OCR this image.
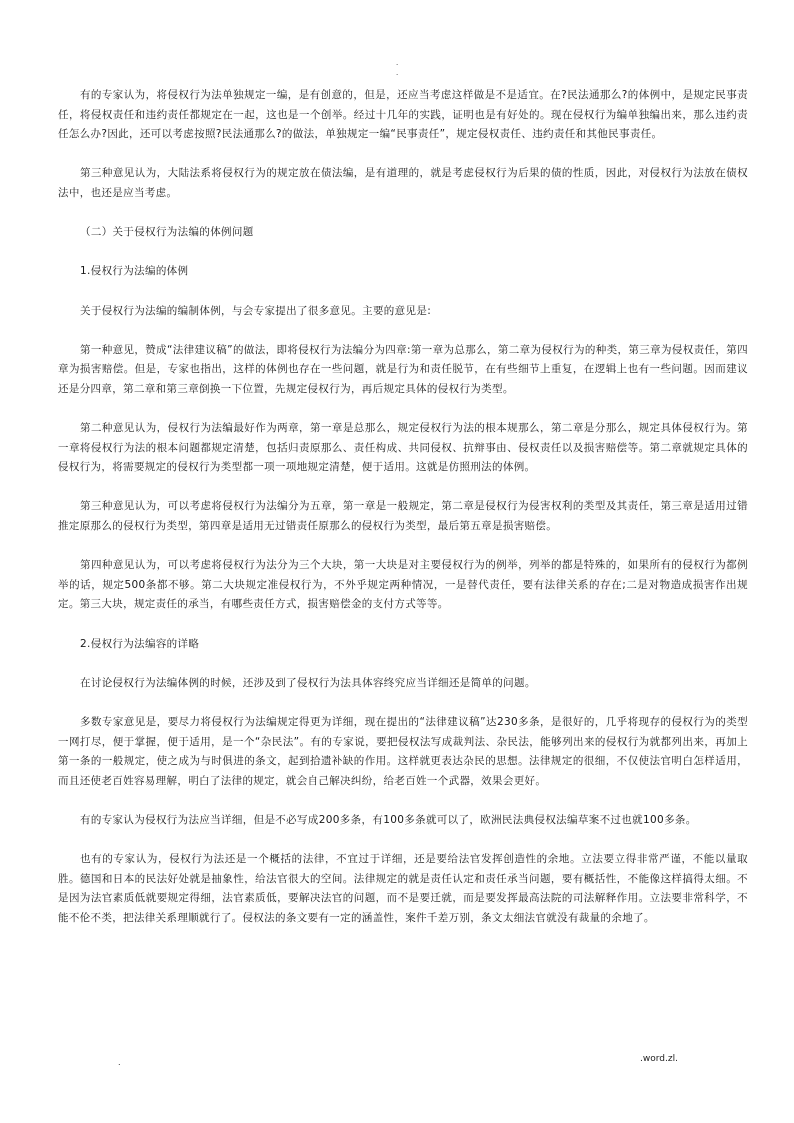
.
.

有的专家认为，将侵权行为法单独规定一编，是有创意的，但是，还应当考虑这样做是不是适宜。在?民法通那么?的体例中，是规定民事责任，将侵权责任和违约责任都规定在一起，这也是一个创举。经过十几年的实践，证明也是有好处的。现在侵权行为编单独编出来，那么违约责任怎么办?因此，还可以考虑按照?民法通那么?的做法，单独规定一编“民事责任”，规定侵权责任、违约责任和其他民事责任。

第三种意见认为，大陆法系将侵权行为的规定放在债法编，是有道理的，就是考虑侵权行为后果的债的性质，因此，对侵权行为法放在债权法中，也还是应当考虑。

（二）关于侵权行为法编的体例问题

1.侵权行为法编的体例

关于侵权行为法编的编制体例，与会专家提出了很多意见。主要的意见是:

第一种意见，赞成“法律建议稿”的做法，即将侵权行为法编分为四章:第一章为总那么，第二章为侵权行为的种类，第三章为侵权责任，第四章为损害赔偿。但是，专家也指出，这样的体例也存在一些问题，就是行为和责任脱节，在有些细节上重复，在逻辑上也有一些问题。因而建议还是分四章，第二章和第三章倒换一下位置，先规定侵权行为，再后规定具体的侵权行为类型。

第二种意见认为，侵权行为法编最好作为两章，第一章是总那么，规定侵权行为法的根本规那么，第二章是分那么，规定具体侵权行为。第一章将侵权行为法的根本问题都规定清楚，包括归责原那么、责任构成、共同侵权、抗辩事由、侵权责任以及损害赔偿等。第二章就规定具体的侵权行为，将需要规定的侵权行为类型都一项一项地规定清楚，便于适用。这就是仿照刑法的体例。

第三种意见认为，可以考虑将侵权行为法编分为五章，第一章是一般规定，第二章是侵权行为侵害权利的类型及其责任，第三章是适用过错推定原那么的侵权行为类型，第四章是适用无过错责任原那么的侵权行为类型，最后第五章是损害赔偿。

第四种意见认为，可以考虑将侵权行为法分为三个大块，第一大块是对主要侵权行为的例举，列举的都是特殊的，如果所有的侵权行为都例举的话，规定500条都不够。第二大块规定准侵权行为，不外乎规定两种情况，一是替代责任，要有法律关系的存在;二是对物造成损害作出规定。第三大块，规定责任的承当，有哪些责任方式，损害赔偿金的支付方式等等。

2.侵权行为法编容的详略

在讨论侵权行为法编体例的时候，还涉及到了侵权行为法具体容终究应当详细还是简单的问题。

多数专家意见是，要尽力将侵权行为法编规定得更为详细，现在提出的“法律建议稿”达230多条，是很好的，几乎将现存的侵权行为的类型一网打尽，便于掌握，便于适用，是一个“杂民法”。有的专家说，要把侵权法写成裁判法、杂民法，能够列出来的侵权行为就都列出来，再加上第一条的一般规定，使之成为与时俱进的条文，起到拾遗补缺的作用。这样就更表达杂民的思想。法律规定的很细，不仅使法官明白怎样适用，而且还使老百姓容易理解，明白了法律的规定，就会自己解决纠纷，给老百姓一个武器，效果会更好。

有的专家认为侵权行为法应当详细，但是不必写成200多条，有100多条就可以了，欧洲民法典侵权法编草案不过也就100多条。

也有的专家认为，侵权行为法还是一个概括的法律，不宜过于详细，还是要给法官发挥创造性的余地。立法要立得非常严谨，不能以量取胜。德国和日本的民法好处就是抽象性，给法官很大的空间。法律规定的就是责任认定和责任承当问题，要有概括性，不能像这样搞得太细。不是因为法官素质低就要规定得细，法官素质低，要解决法官的问题，而不是要迁就，而是要发挥最高法院的司法解释作用。立法要非常科学，不能不伦不类，把法律关系理顺就行了。侵权法的条文要有一定的涵盖性，案件千差万别，条文太细法官就没有裁量的余地了。

.	.word.zl.
